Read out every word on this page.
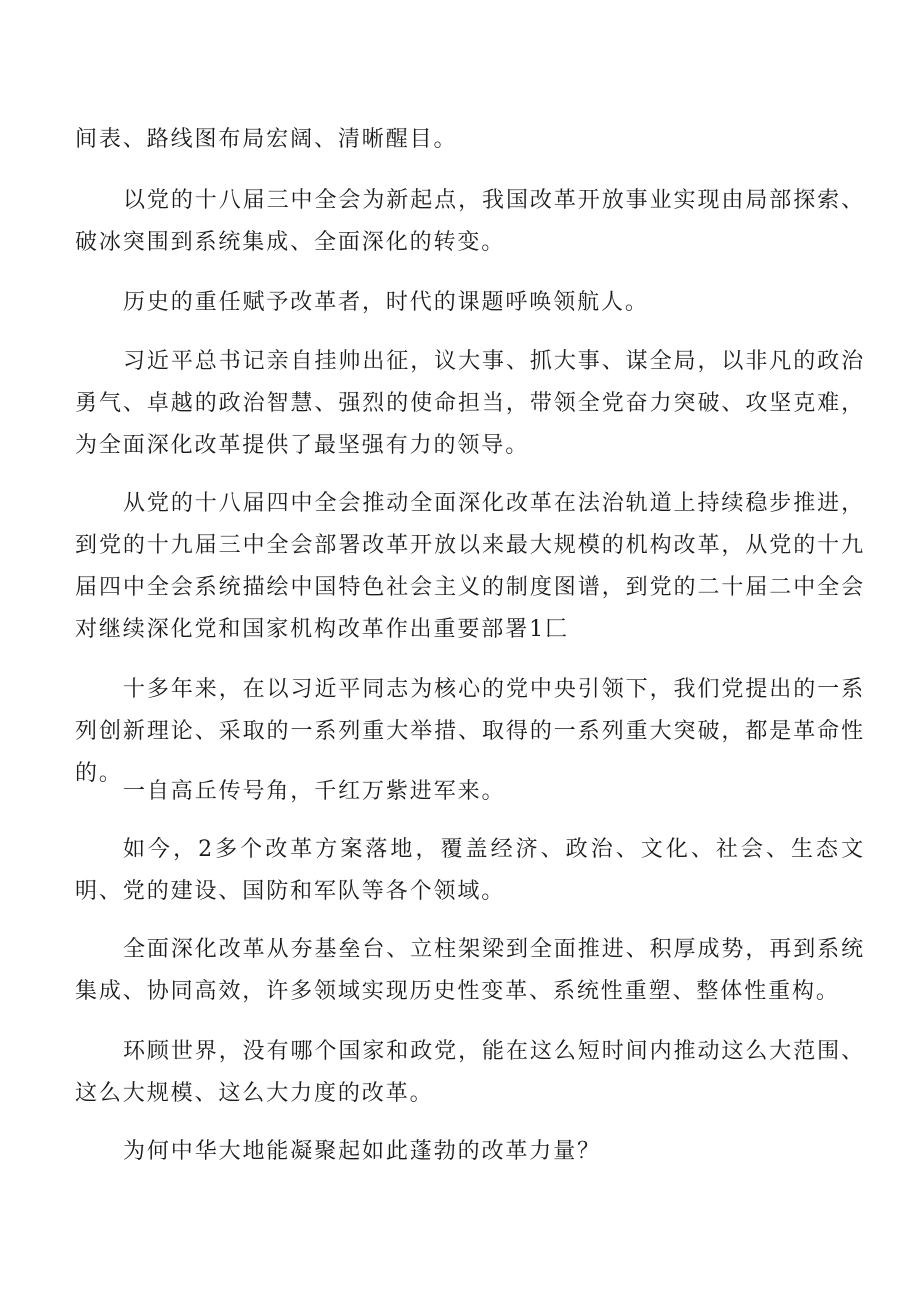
间表、路线图布局宏阔、清晰醒目。

以党的十八届三中全会为新起点，我国改革开放事业实现由局部探索、破冰突围到系统集成、全面深化的转变。

历史的重任赋予改革者，时代的课题呼唤领航人。

习近平总书记亲自挂帅出征，议大事、抓大事、谋全局，以非凡的政治勇气、卓越的政治智慧、强烈的使命担当，带领全党奋力突破、攻坚克难，为全面深化改革提供了最坚强有力的领导。

从党的十八届四中全会推动全面深化改革在法治轨道上持续稳步推进，到党的十九届三中全会部署改革开放以来最大规模的机构改革，从党的十九届四中全会系统描绘中国特色社会主义的制度图谱，到党的二十届二中全会对继续深化党和国家机构改革作出重要部署1匚

十多年来，在以习近平同志为核心的党中央引领下，我们党提出的一系列创新理论、采取的一系列重大举措、取得的一系列重大突破，都是革命性的。

一自高丘传号角，千红万紫进军来。

如今，2多个改革方案落地，覆盖经济、政治、文化、社会、生态文明、党的建设、国防和军队等各个领域。

全面深化改革从夯基垒台、立柱架梁到全面推进、积厚成势，再到系统集成、协同高效，许多领域实现历史性变革、系统性重塑、整体性重构。

环顾世界，没有哪个国家和政党，能在这么短时间内推动这么大范围、这么大规模、这么大力度的改革。

为何中华大地能凝聚起如此蓬勃的改革力量？
